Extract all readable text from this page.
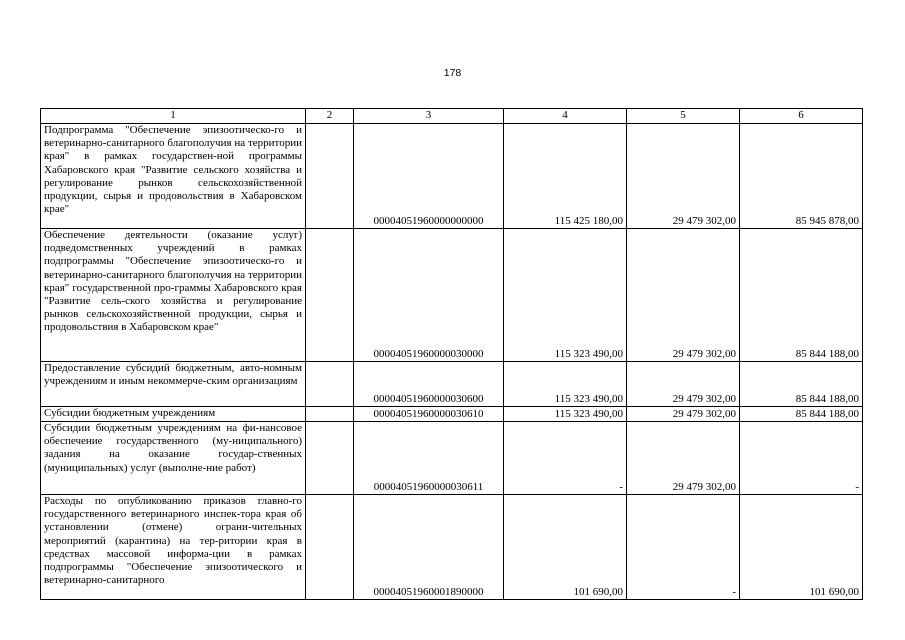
178
1	2	3	4	5	6
Подпрограмма "Обеспечение эпизоотическо-го и ветеринарно-санитарного благополучия на территории края" в рамках государствен-ной программы Хабаровского края "Развитие сельского хозяйства и регулирование рынков сельскохозяйственной продукции, сырья и продовольствия в Хабаровском крае"		00004051960000000000	115 425 180,00	29 479 302,00	85 945 878,00
Обеспечение деятельности (оказание услуг) подведомственных учреждений в рамках подпрограммы "Обеспечение эпизоотическо-го и ветеринарно-санитарного благополучия на территории края" государственной про-граммы Хабаровского края "Развитие сель-ского хозяйства и регулирование рынков сельскохозяйственной продукции, сырья и продовольствия в Хабаровском крае"		00004051960000030000	115 323 490,00	29 479 302,00	85 844 188,00
Предоставление субсидий бюджетным, авто-номным учреждениям и иным некоммерче-ским организациям		00004051960000030600	115 323 490,00	29 479 302,00	85 844 188,00
Субсидии бюджетным учреждениям		00004051960000030610	115 323 490,00	29 479 302,00	85 844 188,00
Субсидии бюджетным учреждениям на фи-нансовое обеспечение государственного (му-ниципального) задания на оказание государ-ственных (муниципальных) услуг (выполне-ние работ)		00004051960000030611	-	29 479 302,00	-
Расходы по опубликованию приказов главно-го государственного ветеринарного инспек-тора края об установлении (отмене) ограни-чительных мероприятий (карантина) на тер-ритории края в средствах массовой информа-ции в рамках подпрограммы "Обеспечение эпизоотического и ветеринарно-санитарного		00004051960001890000	101 690,00	-	101 690,00
